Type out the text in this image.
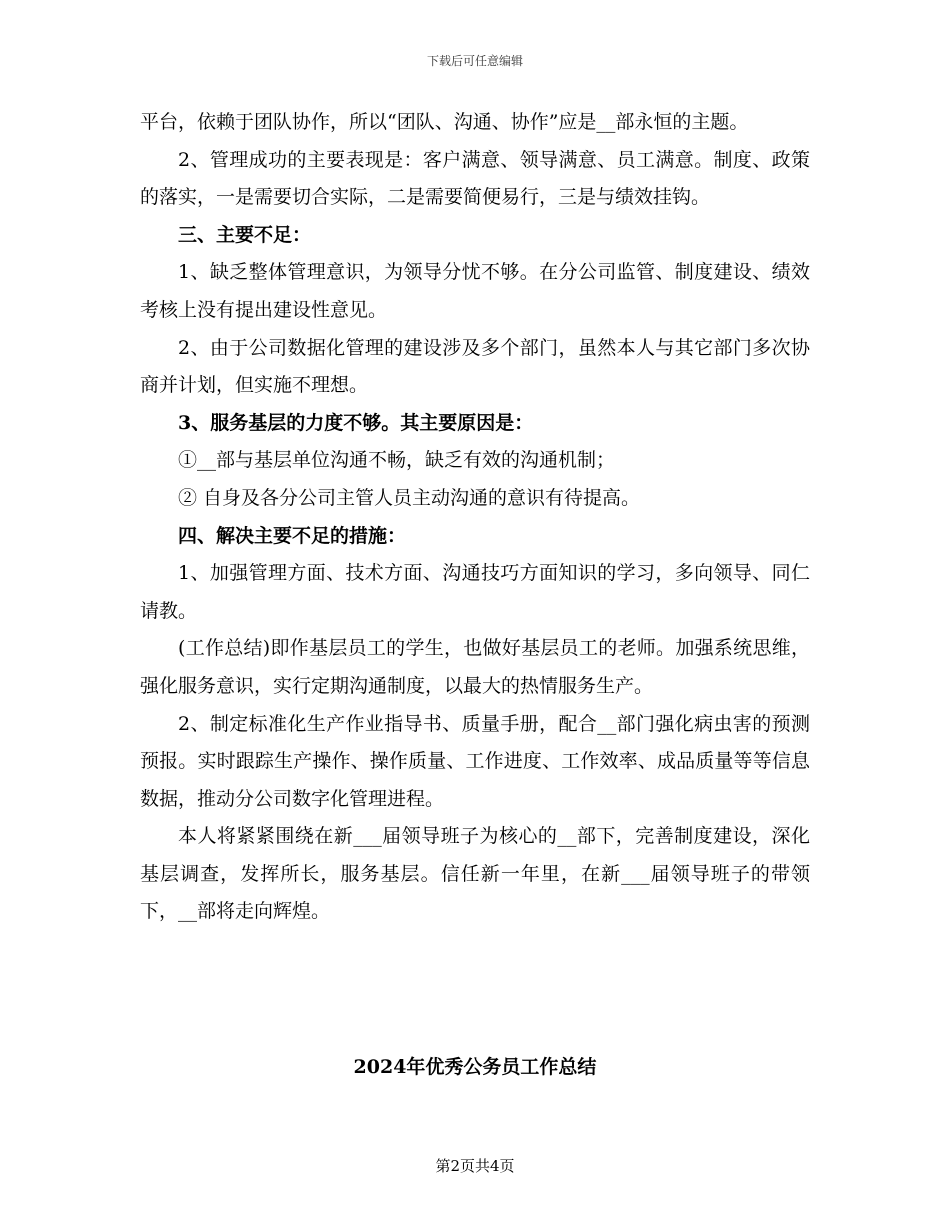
下载后可任意编辑

平台，依赖于团队协作，所以“团队、沟通、协作”应是__部永恒的主题。

2、管理成功的主要表现是：客户满意、领导满意、员工满意。制度、政策的落实，一是需要切合实际，二是需要简便易行，三是与绩效挂钩。

三、主要不足：

1、缺乏整体管理意识，为领导分忧不够。在分公司监管、制度建设、绩效考核上没有提出建设性意见。

2、由于公司数据化管理的建设涉及多个部门，虽然本人与其它部门多次协商并计划，但实施不理想。

3、服务基层的力度不够。其主要原因是：

①__部与基层单位沟通不畅，缺乏有效的沟通机制；

② 自身及各分公司主管人员主动沟通的意识有待提高。

四、解决主要不足的措施：

1、加强管理方面、技术方面、沟通技巧方面知识的学习，多向领导、同仁请教。

(工作总结)即作基层员工的学生，也做好基层员工的老师。加强系统思维，强化服务意识，实行定期沟通制度，以最大的热情服务生产。

2、制定标准化生产作业指导书、质量手册，配合__部门强化病虫害的预测预报。实时跟踪生产操作、操作质量、工作进度、工作效率、成品质量等等信息数据，推动分公司数字化管理进程。

本人将紧紧围绕在新___届领导班子为核心的__部下，完善制度建设，深化基层调查，发挥所长，服务基层。信任新一年里，在新___届领导班子的带领下，__部将走向辉煌。

2024年优秀公务员工作总结

第2页共4页
